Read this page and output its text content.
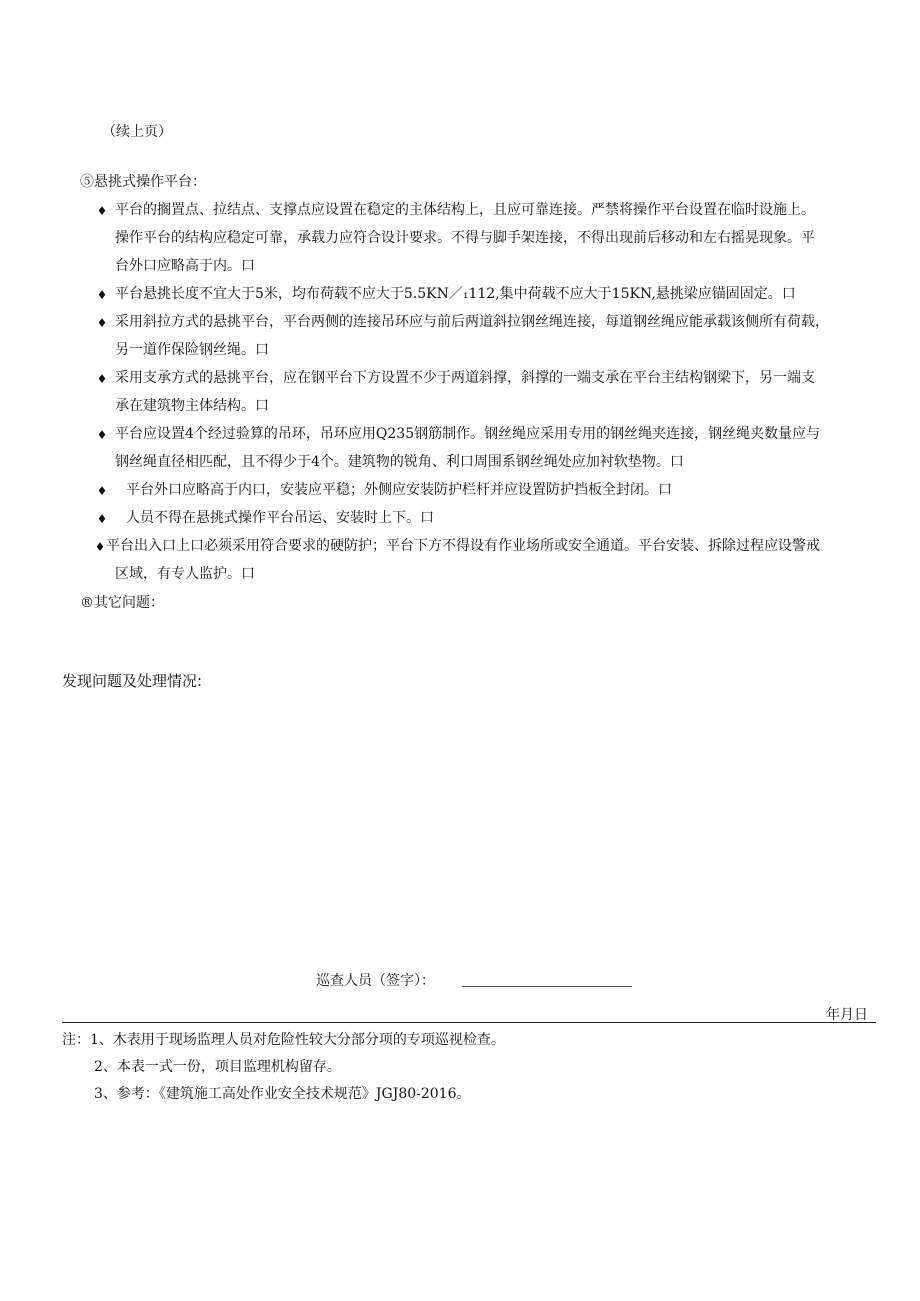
（续上页）
⑤悬挑式操作平台：
♦ 平台的搁置点、拉结点、支撑点应设置在稳定的主体结构上，且应可靠连接。严禁将操作平台设置在临时设施上。
操作平台的结构应稳定可靠，承载力应符合设计要求。不得与脚手架连接，不得出现前后移动和左右摇晃现象。平
台外口应略高于内。口
♦ 平台悬挑长度不宜大于5米，均布荷载不应大于5.5KN／₁112,集中荷载不应大于15KN,悬挑梁应锚固固定。口
♦ 采用斜拉方式的悬挑平台，平台两侧的连接吊环应与前后两道斜拉钢丝绳连接，每道钢丝绳应能承载该侧所有荷载，
另一道作保险钢丝绳。口
♦ 采用支承方式的悬挑平台，应在钢平台下方设置不少于两道斜撑，斜撑的一端支承在平台主结构钢梁下，另一端支
承在建筑物主体结构。口
♦ 平台应设置4个经过验算的吊环，吊环应用Q235钢筋制作。钢丝绳应采用专用的钢丝绳夹连接，钢丝绳夹数量应与
钢丝绳直径相匹配，且不得少于4个。建筑物的锐角、利口周围系钢丝绳处应加衬软垫物。口
♦ 平台外口应略高于内口，安装应平稳；外侧应安装防护栏杆并应设置防护挡板全封闭。口
♦ 人员不得在悬挑式操作平台吊运、安装时上下。口
♦ 平台出入口上口必须采用符合要求的硬防护；平台下方不得设有作业场所或安全通道。平台安装、拆除过程应设警戒
区域，有专人监护。口
®其它问题：
发现问题及处理情况:
巡查人员（签字）：
年月日
注：1、木表用于现场监理人员对危险性较大分部分项的专项巡视检查。
2、本表一式一份，项目监理机构留存。
3、参考：《建筑施工高处作业安全技术规范》JGJ80-2016。
